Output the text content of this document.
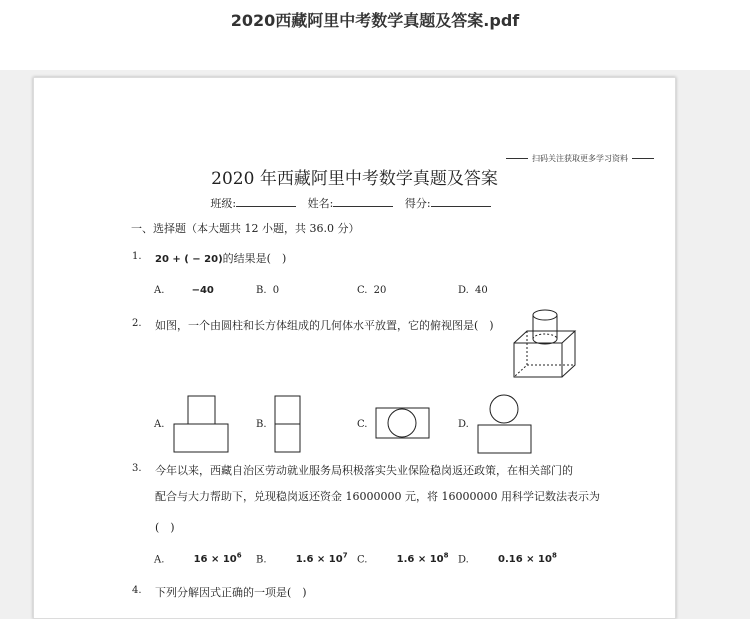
2020西藏阿里中考数学真题及答案.pdf
扫码关注获取更多学习资料
2020 年西藏阿里中考数学真题及答案
班级:	姓名:	得分:
一、选择题（本大题共 12 小题，共 36.0 分）
1. 20 + ( − 20)的结果是(　)
A.	−40	B. 0	C. 20	D. 40
2. 如图，一个由圆柱和长方体组成的几何体水平放置，它的俯视图是(　)
A.	B.	C.	D.
3. 今年以来，西藏自治区劳动就业服务局积极落实失业保险稳岗返还政策，在相关部门的
配合与大力帮助下，兑现稳岗返还资金 16000000 元，将 16000000 用科学记数法表示为
(　)
A.	$16 \times 10^6$ B.	$1.6 \times 10^7$ C.	$1.6 \times 10^8$ D.	$0.16 \times 10^8$
4. 下列分解因式正确的一项是(　)
